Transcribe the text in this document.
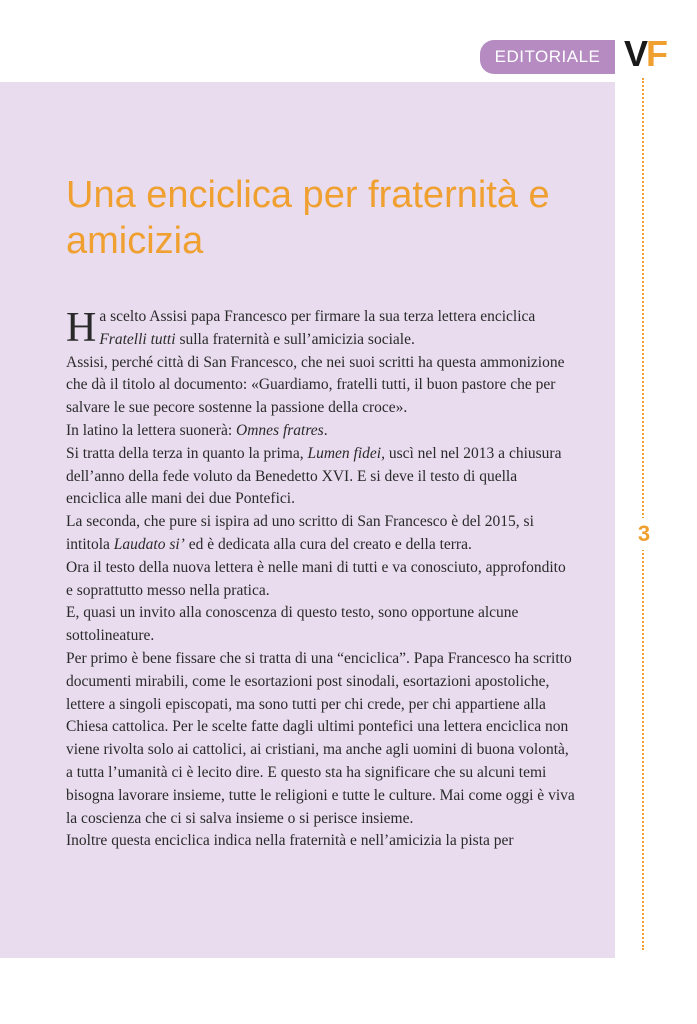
EDITORIALE VF
3
Una enciclica per fraternità e amicizia

Ha scelto Assisi papa Francesco per firmare la sua terza lettera enciclica Fratelli tutti sulla fraternità e sull’amicizia sociale.

Assisi, perché città di San Francesco, che nei suoi scritti ha questa ammonizione che dà il titolo al documento: «Guardiamo, fratelli tutti, il buon pastore che per salvare le sue pecore sostenne la passione della croce».

In latino la lettera suonerà: Omnes fratres.

Si tratta della terza in quanto la prima, Lumen fidei, uscì nel nel 2013 a chiusura dell’anno della fede voluto da Benedetto XVI. E si deve il testo di quella enciclica alle mani dei due Pontefici.

La seconda, che pure si ispira ad uno scritto di San Francesco è del 2015, si intitola Laudato si’ ed è dedicata alla cura del creato e della terra.

Ora il testo della nuova lettera è nelle mani di tutti e va conosciuto, approfondito e soprattutto messo nella pratica.

E, quasi un invito alla conoscenza di questo testo, sono opportune alcune sottolineature.

Per primo è bene fissare che si tratta di una “enciclica”. Papa Francesco ha scritto documenti mirabili, come le esortazioni post sinodali, esortazioni apostoliche, lettere a singoli episcopati, ma sono tutti per chi crede, per chi appartiene alla Chiesa cattolica. Per le scelte fatte dagli ultimi pontefici una lettera enciclica non viene rivolta solo ai cattolici, ai cristiani, ma anche agli uomini di buona volontà, a tutta l’umanità ci è lecito dire. E questo sta ha significare che su alcuni temi bisogna lavorare insieme, tutte le religioni e tutte le culture. Mai come oggi è viva la coscienza che ci si salva insieme o si perisce insieme.

Inoltre questa enciclica indica nella fraternità e nell’amicizia la pista per
